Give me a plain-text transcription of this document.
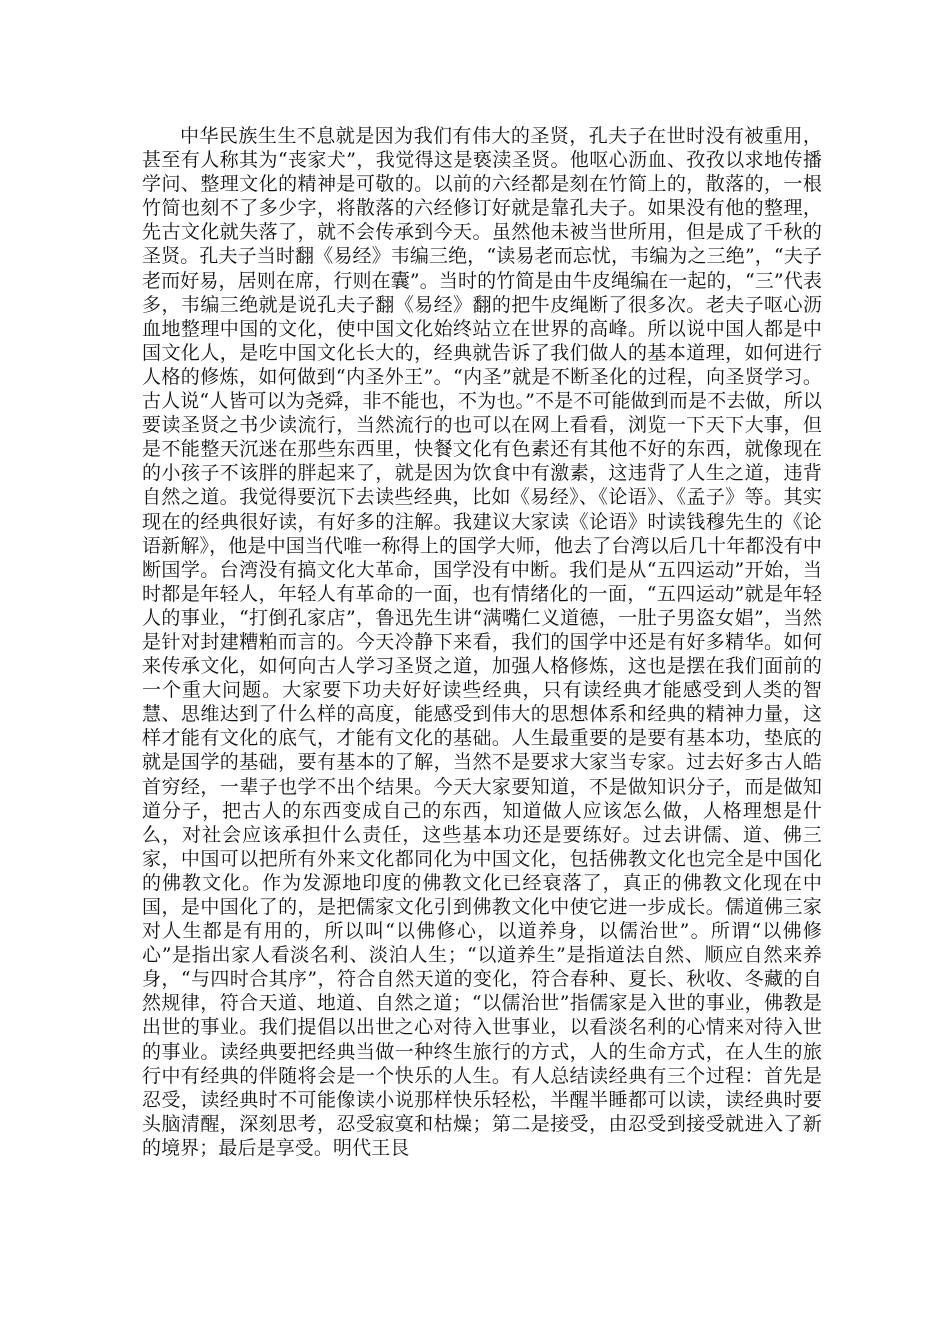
中华民族生生不息就是因为我们有伟大的圣贤，孔夫子在世时没有被重用，甚至有人称其为“丧家犬”，我觉得这是亵渎圣贤。他呕心沥血、孜孜以求地传播学问、整理文化的精神是可敬的。以前的六经都是刻在竹简上的，散落的，一根竹简也刻不了多少字，将散落的六经修订好就是靠孔夫子。如果没有他的整理，先古文化就失落了，就不会传承到今天。虽然他未被当世所用，但是成了千秋的圣贤。孔夫子当时翻《易经》韦编三绝，“读易老而忘忧，韦编为之三绝”，“夫子老而好易，居则在席，行则在囊”。当时的竹简是由牛皮绳编在一起的，“三”代表多，韦编三绝就是说孔夫子翻《易经》翻的把牛皮绳断了很多次。老夫子呕心沥血地整理中国的文化，使中国文化始终站立在世界的高峰。所以说中国人都是中国文化人，是吃中国文化长大的，经典就告诉了我们做人的基本道理，如何进行人格的修炼，如何做到“内圣外王”。“内圣”就是不断圣化的过程，向圣贤学习。古人说“人皆可以为尧舜，非不能也，不为也。”不是不可能做到而是不去做，所以要读圣贤之书少读流行，当然流行的也可以在网上看看，浏览一下天下大事，但是不能整天沉迷在那些东西里，快餐文化有色素还有其他不好的东西，就像现在的小孩子不该胖的胖起来了，就是因为饮食中有激素，这违背了人生之道，违背自然之道。我觉得要沉下去读些经典，比如《易经》、《论语》、《孟子》等。其实现在的经典很好读，有好多的注解。我建议大家读《论语》时读钱穆先生的《论语新解》，他是中国当代唯一称得上的国学大师，他去了台湾以后几十年都没有中断国学。台湾没有搞文化大革命，国学没有中断。我们是从“五四运动”开始，当时都是年轻人，年轻人有革命的一面，也有情绪化的一面，“五四运动”就是年轻人的事业，“打倒孔家店”，鲁迅先生讲“满嘴仁义道德，一肚子男盗女娼”，当然是针对封建糟粕而言的。今天冷静下来看，我们的国学中还是有好多精华。如何来传承文化，如何向古人学习圣贤之道，加强人格修炼，这也是摆在我们面前的一个重大问题。大家要下功夫好好读些经典，只有读经典才能感受到人类的智慧、思维达到了什么样的高度，能感受到伟大的思想体系和经典的精神力量，这样才能有文化的底气，才能有文化的基础。人生最重要的是要有基本功，垫底的就是国学的基础，要有基本的了解，当然不是要求大家当专家。过去好多古人皓首穷经，一辈子也学不出个结果。今天大家要知道，不是做知识分子，而是做知道分子，把古人的东西变成自己的东西，知道做人应该怎么做，人格理想是什么，对社会应该承担什么责任，这些基本功还是要练好。过去讲儒、道、佛三家，中国可以把所有外来文化都同化为中国文化，包括佛教文化也完全是中国化的佛教文化。作为发源地印度的佛教文化已经衰落了，真正的佛教文化现在中国，是中国化了的，是把儒家文化引到佛教文化中使它进一步成长。儒道佛三家对人生都是有用的，所以叫“以佛修心，以道养身，以儒治世”。所谓“以佛修心”是指出家人看淡名利、淡泊人生；“以道养生”是指道法自然、顺应自然来养身，“与四时合其序”，符合自然天道的变化，符合春种、夏长、秋收、冬藏的自然规律，符合天道、地道、自然之道；“以儒治世”指儒家是入世的事业，佛教是出世的事业。我们提倡以出世之心对待入世事业，以看淡名利的心情来对待入世的事业。读经典要把经典当做一种终生旅行的方式，人的生命方式，在人生的旅行中有经典的伴随将会是一个快乐的人生。有人总结读经典有三个过程：首先是忍受，读经典时不可能像读小说那样快乐轻松，半醒半睡都可以读，读经典时要头脑清醒，深刻思考，忍受寂寞和枯燥；第二是接受，由忍受到接受就进入了新的境界；最后是享受。明代王艮
